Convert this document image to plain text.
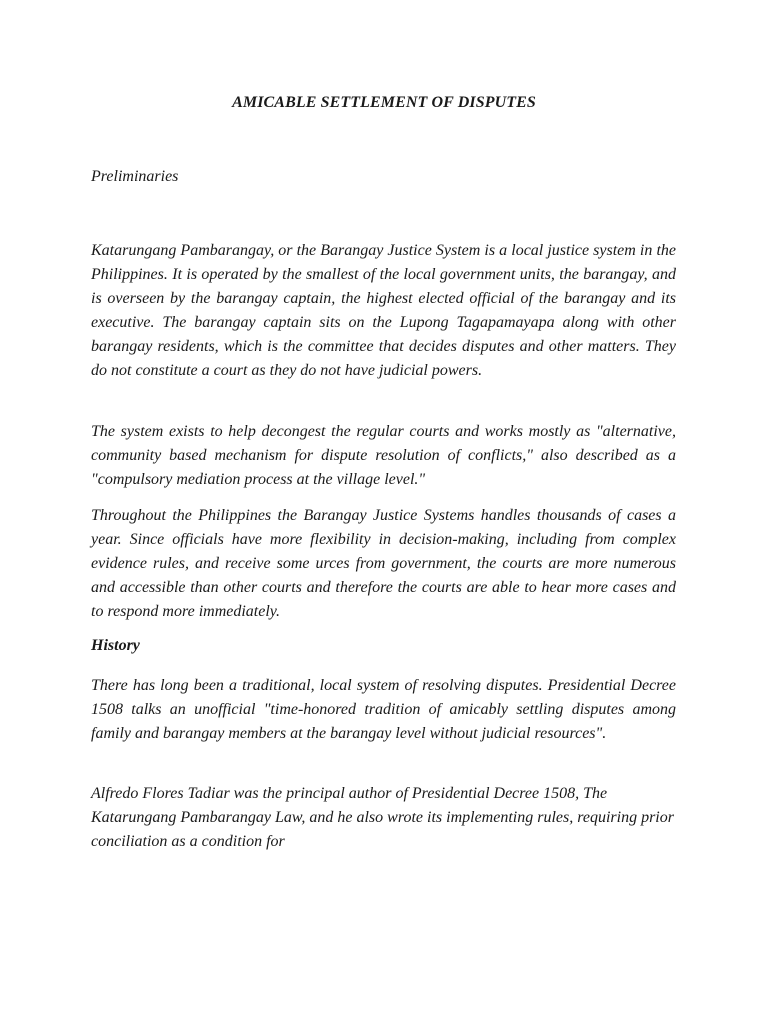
AMICABLE SETTLEMENT OF DISPUTES
Preliminaries

Katarungang Pambarangay, or the Barangay Justice System is a local justice system in the Philippines. It is operated by the smallest of the local government units, the barangay, and is overseen by the barangay captain, the highest elected official of the barangay and its executive. The barangay captain sits on the Lupong Tagapamayapa along with other barangay residents, which is the committee that decides disputes and other matters. They do not constitute a court as they do not have judicial powers.

The system exists to help decongest the regular courts and works mostly as "alternative, community based mechanism for dispute resolution of conflicts," also described as a "compulsory mediation process at the village level."

Throughout the Philippines the Barangay Justice Systems handles thousands of cases a year. Since officials have more flexibility in decision-making, including from complex evidence rules, and receive some urces from government, the courts are more numerous and accessible than other courts and therefore the courts are able to hear more cases and to respond more immediately.

History

There has long been a traditional, local system of resolving disputes. Presidential Decree 1508 talks an unofficial "time-honored tradition of amicably settling disputes among family and barangay members at the barangay level without judicial resources".

Alfredo Flores Tadiar was the principal author of Presidential Decree 1508, The Katarungang Pambarangay Law, and he also wrote its implementing rules, requiring prior conciliation as a condition for
